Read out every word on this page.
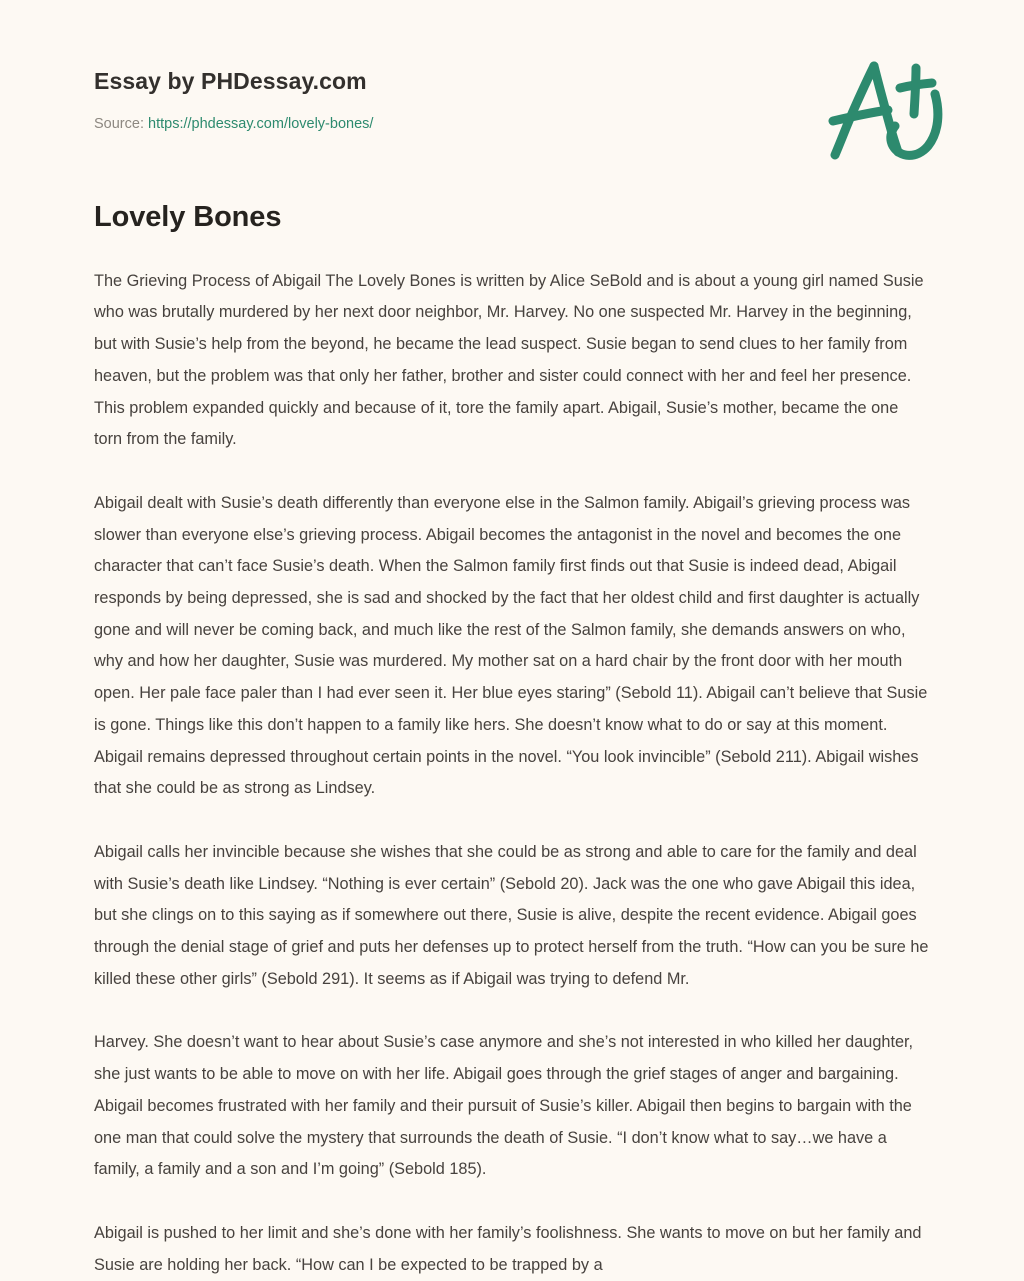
Essay by PHDessay.com
Source: https://phdessay.com/lovely-bones/
Lovely Bones

The Grieving Process of Abigail The Lovely Bones is written by Alice SeBold and is about a young girl named Susie who was brutally murdered by her next door neighbor, Mr. Harvey. No one suspected Mr. Harvey in the beginning, but with Susie’s help from the beyond, he became the lead suspect. Susie began to send clues to her family from heaven, but the problem was that only her father, brother and sister could connect with her and feel her presence. This problem expanded quickly and because of it, tore the family apart. Abigail, Susie’s mother, became the one torn from the family.

Abigail dealt with Susie’s death differently than everyone else in the Salmon family. Abigail’s grieving process was slower than everyone else’s grieving process. Abigail becomes the antagonist in the novel and becomes the one character that can’t face Susie’s death. When the Salmon family first finds out that Susie is indeed dead, Abigail responds by being depressed, she is sad and shocked by the fact that her oldest child and first daughter is actually gone and will never be coming back, and much like the rest of the Salmon family, she demands answers on who, why and how her daughter, Susie was murdered. My mother sat on a hard chair by the front door with her mouth open. Her pale face paler than I had ever seen it. Her blue eyes staring” (Sebold 11). Abigail can’t believe that Susie is gone. Things like this don’t happen to a family like hers. She doesn’t know what to do or say at this moment. Abigail remains depressed throughout certain points in the novel. “You look invincible” (Sebold 211). Abigail wishes that she could be as strong as Lindsey.

Abigail calls her invincible because she wishes that she could be as strong and able to care for the family and deal with Susie’s death like Lindsey. “Nothing is ever certain” (Sebold 20). Jack was the one who gave Abigail this idea, but she clings on to this saying as if somewhere out there, Susie is alive, despite the recent evidence. Abigail goes through the denial stage of grief and puts her defenses up to protect herself from the truth. “How can you be sure he killed these other girls” (Sebold 291). It seems as if Abigail was trying to defend Mr.

Harvey. She doesn’t want to hear about Susie’s case anymore and she’s not interested in who killed her daughter, she just wants to be able to move on with her life. Abigail goes through the grief stages of anger and bargaining. Abigail becomes frustrated with her family and their pursuit of Susie’s killer. Abigail then begins to bargain with the one man that could solve the mystery that surrounds the death of Susie. “I don’t know what to say…we have a family, a family and a son and I’m going” (Sebold 185).

Abigail is pushed to her limit and she’s done with her family’s foolishness. She wants to move on but her family and Susie are holding her back. “How can I be expected to be trapped by a
